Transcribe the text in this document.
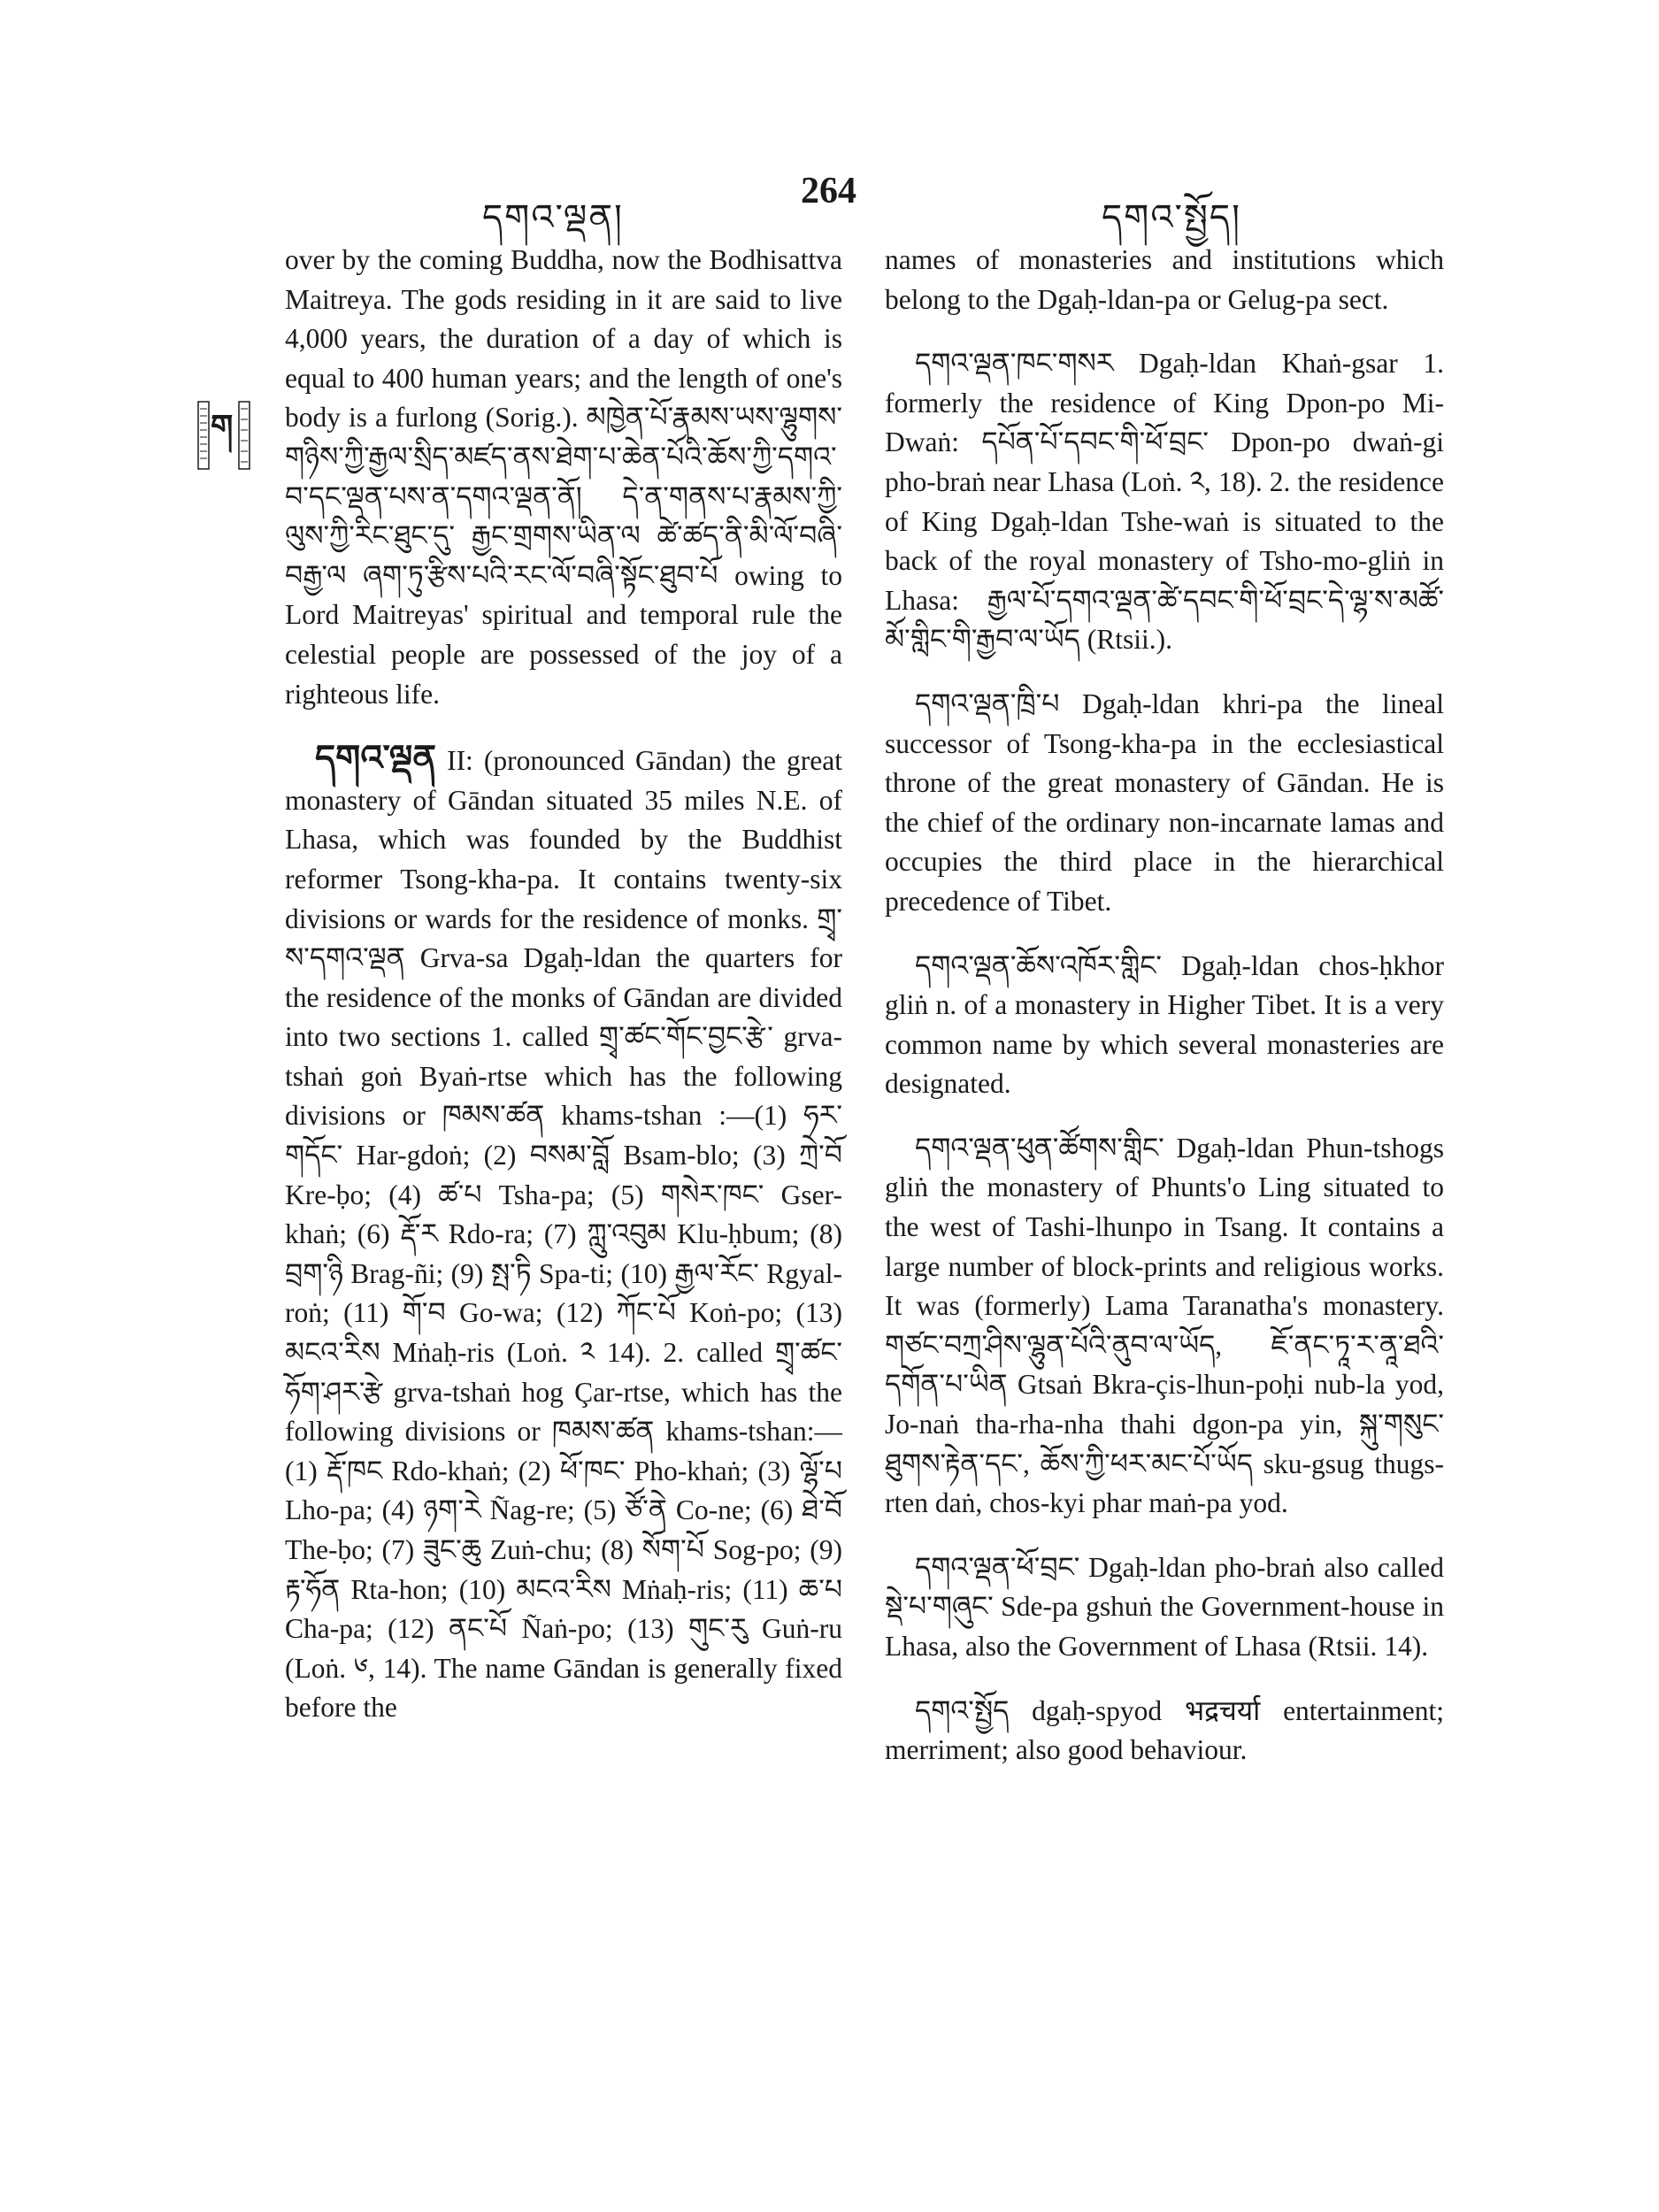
དགའ་ལྡན།
264
དགའ་སྤྱོད།
ག

over by the coming Buddha, now the Bodhisattva Maitreya. The gods residing in it are said to live 4,000 years, the duration of a day of which is equal to 400 human years; and the length of one's body is a furlong (Sorig.). མཁྱེན་པོ་རྣམས་ཡས་ལྷུགས་གཉིས་ཀྱི་རྒྱལ་སྲིད་མཛད་ནས་ཐེག་པ་ཆེན་པོའི་ཆོས་ཀྱི་དགའ་བ་དང་ལྡན་པས་ན་དགའ་ལྡན་ནོ། དེ་ན་གནས་པ་རྣམས་ཀྱི་ལུས་ཀྱི་རིང་ཐུང་དུ་ རྒྱང་གྲགས་ཡིན་ལ ཚེ་ཚད་ནི་མི་ལོ་བཞི་ བརྒྱ་ལ ཞག་ཏུ་རྩིས་པའི་རང་ལོ་བཞི་སྟོང་ཐུབ་པོ owing to Lord Maitreyas' spiritual and temporal rule the celestial people are possessed of the joy of a righteous life.

དགའ་ལྡན II: (pronounced Gāndan) the great monastery of Gāndan situated 35 miles N.E. of Lhasa, which was founded by the Buddhist reformer Tsong-kha-pa. It contains twenty-six divisions or wards for the residence of monks. གྲྭ་ས་དགའ་ལྡན Grva-sa Dgaḥ-ldan the quarters for the residence of the monks of Gāndan are divided into two sections 1. called གྲྭ་ཚང་གོང་བྱང་རྩེ་ grva-tshaṅ goṅ Byaṅ-rtse which has the following divisions or ཁམས་ཚན khams-tshan :—(1) ཧར་གདོང་ Har-gdoṅ; (2) བསམ་བློ Bsam-blo; (3) ཀྲེ་བོ Kre-ḅo; (4) ཚ་པ Tsha-pa; (5) གསེར་ཁང་ Gser-khaṅ; (6) རྡོ་ར Rdo-ra; (7) ཀླུ་འབུམ Klu-ḥbum; (8) བྲག་ཉི Brag-ñi; (9) སྤ་ཏི Spa-ti; (10) རྒྱལ་རོང་ Rgyal-roṅ; (11) གོ་བ Go-wa; (12) ཀོང་པོ Koṅ-po; (13) མངའ་རིས Mṅaḥ-ris (Loṅ. ༢ 14). 2. called གྲྭ་ཚང་ཧོག་ཤར་རྩེ grva-tshaṅ hog Çar-rtse, which has the following divisions or ཁམས་ཚན khams-tshan:—(1) རྡོ་ཁང Rdo-khaṅ; (2) ཕོ་ཁང་ Pho-khaṅ; (3) ལྷོ་པ Lho-pa; (4) ཉག་རེ Ñag-re; (5) ཙོ་ནེ Co-ne; (6) ཐེ་བོ The-ḅo; (7) ཟུང་ཆུ Zuṅ-chu; (8) སོག་པོ Sog-po; (9) རྟ་ཧོན Rta-hon; (10) མངའ་རིས Mṅaḥ-ris; (11) ཆ་པ Cha-pa; (12) ནང་པོ Ñaṅ-po; (13) གུང་རུ Guṅ-ru (Loṅ. ༦, 14). The name Gāndan is generally fixed before the

names of monasteries and institutions which belong to the Dgaḥ-ldan-pa or Gelug-pa sect.

དགའ་ལྡན་ཁང་གསར Dgaḥ-ldan Khaṅ-gsar 1. formerly the residence of King Dpon-po Mi-Dwaṅ: དཔོན་པོ་དབང་གི་ཕོ་བྲང་ Dpon-po dwaṅ-gi pho-braṅ near Lhasa (Loṅ. ༢, 18). 2. the residence of King Dgaḥ-ldan Tshe-waṅ is situated to the back of the royal monastery of Tsho-mo-gliṅ in Lhasa: རྒྱལ་པོ་དགའ་ལྡན་ཚེ་དབང་གི་ཕོ་བྲང་དེ་ལྷ་ས་མཚོ་མོ་གླིང་གི་རྒྱབ་ལ་ཡོད (Rtsii.).

དགའ་ལྡན་ཁྲི་པ Dgaḥ-ldan khri-pa the lineal successor of Tsong-kha-pa in the ecclesiastical throne of the great monastery of Gāndan. He is the chief of the ordinary non-incarnate lamas and occupies the third place in the hierarchical precedence of Tibet.

དགའ་ལྡན་ཆོས་འཁོར་གླིང་ Dgaḥ-ldan chos-ḥkhor gliṅ n. of a monastery in Higher Tibet. It is a very common name by which several monasteries are designated.

དགའ་ལྡན་ཕུན་ཚོགས་གླིང་ Dgaḥ-ldan Phun-tshogs gliṅ the monastery of Phunts'o Ling situated to the west of Tashi-lhunpo in Tsang. It contains a large number of block-prints and religious works. It was (formerly) Lama Taranatha's monastery. གཙང་བཀྲ་ཤིས་ལྷུན་པོའི་ནུབ་ལ་ཡོད, ཇོ་ནང་ཏཱ་ར་ནཱ་ཐའི་དགོན་པ་ཡིན Gtsaṅ Bkra-çis-lhun-poḥi nub-la yod, Jo-naṅ tha-rha-nha thahi dgon-pa yin, སྐུ་གསུང་ཐུགས་རྟེན་དང་, ཆོས་ཀྱི་ཕར་མང་པོ་ཡོད sku-gsug thugs-rten daṅ, chos-kyi phar maṅ-pa yod.

དགའ་ལྡན་ཕོ་བྲང་ Dgaḥ-ldan pho-braṅ also called སྡེ་པ་གཞུང་ Sde-pa gshuṅ the Government-house in Lhasa, also the Government of Lhasa (Rtsii. 14).

དགའ་སྤྱོད dgaḥ-spyod भद्रचर्या entertainment; merriment; also good behaviour.
